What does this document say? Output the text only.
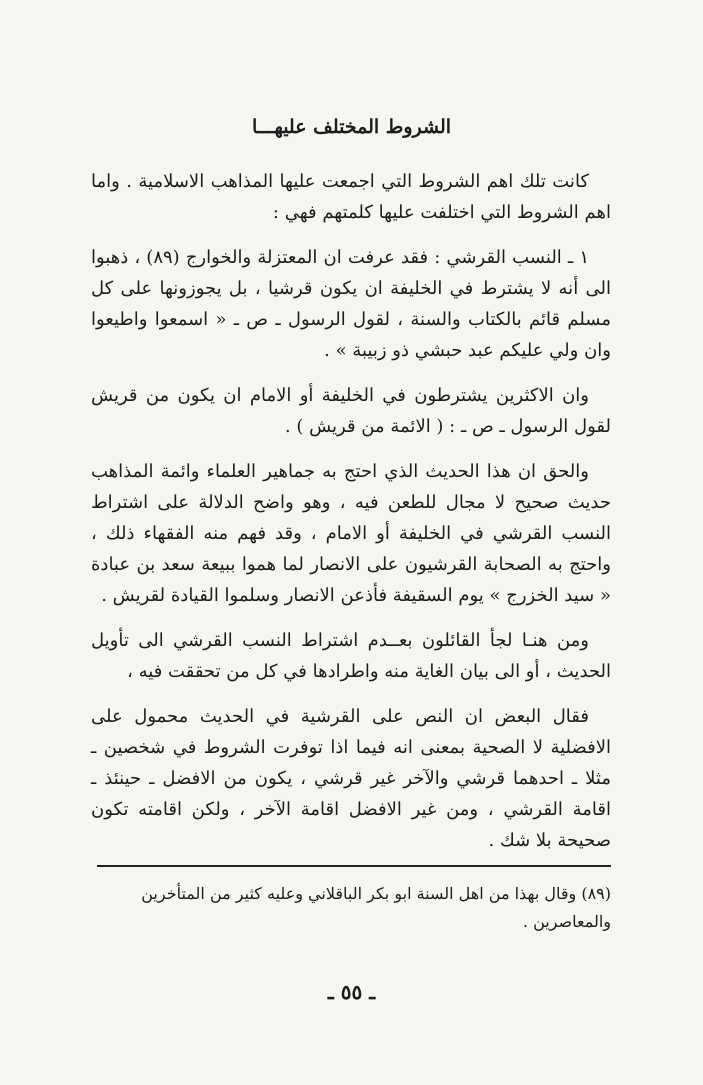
الشروط المختلف عليهـــا

كانت تلك اهم الشروط التي اجمعت عليها المذاهب الاسلامية . واما اهم الشروط التي اختلفت عليها كلمتهم فهي :

١ ـ النسب القرشي : فقد عرفت ان المعتزلة والخوارج (٨٩) ، ذهبوا الى أنه لا يشترط في الخليفة ان يكون قرشيا ، بل يجوزونها على كل مسلم قائم بالكتاب والسنة ، لقول الرسول ـ ص ـ « اسمعوا واطيعوا وان ولي عليكم عبد حبشي ذو زبيبة » .

وان الاكثرين يشترطون في الخليفة أو الامام ان يكون من قريش لقول الرسول ـ ص ـ : ( الائمة من قريش ) .

والحق ان هذا الحديث الذي احتج به جماهير العلماء وائمة المذاهب حديث صحيح لا مجال للطعن فيه ، وهو واضح الدلالة على اشتراط النسب القرشي في الخليفة أو الامام ، وقد فهم منه الفقهاء ذلك ، واحتج به الصحابة القرشيون على الانصار لما هموا ببيعة سعد بن عبادة « سيد الخزرج » يوم السقيفة فأذعن الانصار وسلموا القيادة لقريش .

ومن هنـا لجأ القائلون بعــدم اشتراط النسب القرشي الى تأويل الحديث ، أو الى بيان الغاية منه واطرادها في كل من تحققت فيه ،

فقال البعض ان النص على القرشية في الحديث محمول على الافضلية لا الصحية بمعنى انه فيما اذا توفرت الشروط في شخصين ـ مثلا ـ احدهما قرشي والآخر غير قرشي ، يكون من الافضل ـ حينئذ ـ اقامة القرشي ، ومن غير الافضل اقامة الآخر ، ولكن اقامته تكون صحيحة بلا شك .

(٨٩) وقال بهذا من اهل السنة ابو بكر الباقلاني وعليه كثير من المتأخرين والمعاصرين .

ـ ٥٥ ـ
